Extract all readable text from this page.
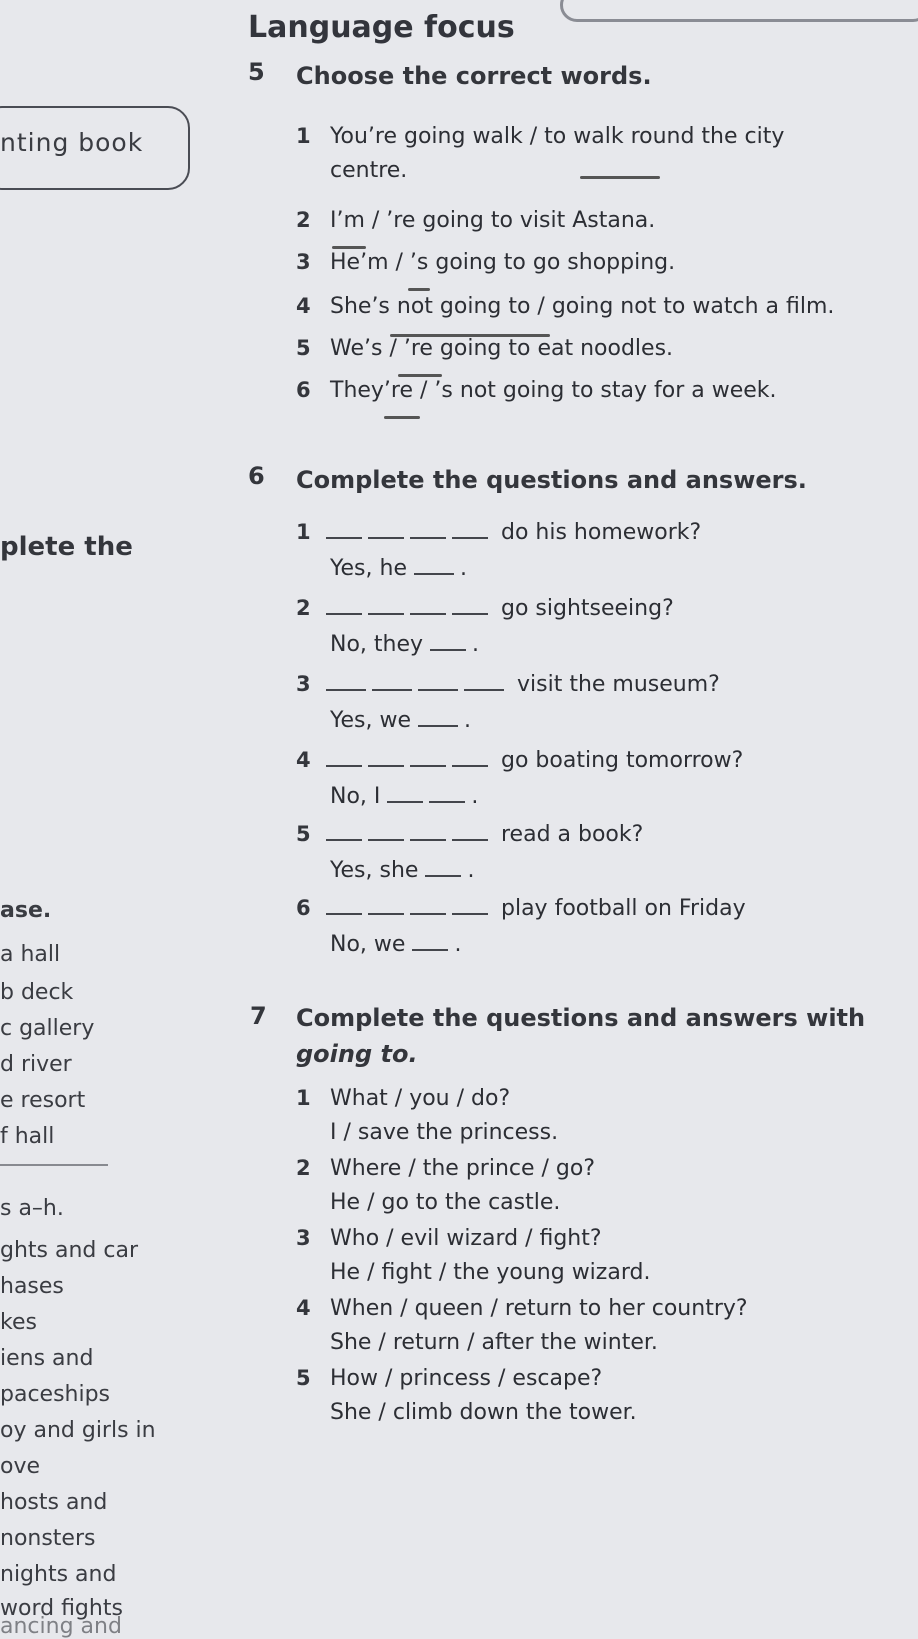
Language focus
nting book
5 Choose the correct words.
1 You’re going walk / to walk round the city
centre.
2 I’m / ’re going to visit Astana.
3 He’m / ’s going to go shopping.
4 She’s not going to / going not to watch a film.
5 We’s / ’re going to eat noodles.
6 They’re / ’s not going to stay for a week.
6 Complete the questions and answers.
1	do his homework?
Yes, he .
2	go sightseeing?
No, they .
3	visit the museum?
Yes, we .
4	go boating tomorrow?
No, I	.
5	read a book?
Yes, she .
6	play football on Friday
No, we .
7 Complete the questions and answers with
going to.
1 What / you / do?
I / save the princess.
2 Where / the prince / go?
He / go to the castle.
3 Who / evil wizard / fight?
He / fight / the young wizard.
4 When / queen / return to her country?
She / return / after the winter.
5 How / princess / escape?
She / climb down the tower.
plete the
ase.
a hall
b deck
c gallery
d river
e resort
f hall
s a–h.
ghts and car
hases
kes
iens and
paceships
oy and girls in
ove
hosts and
nonsters
nights and
word fights
ancing and
